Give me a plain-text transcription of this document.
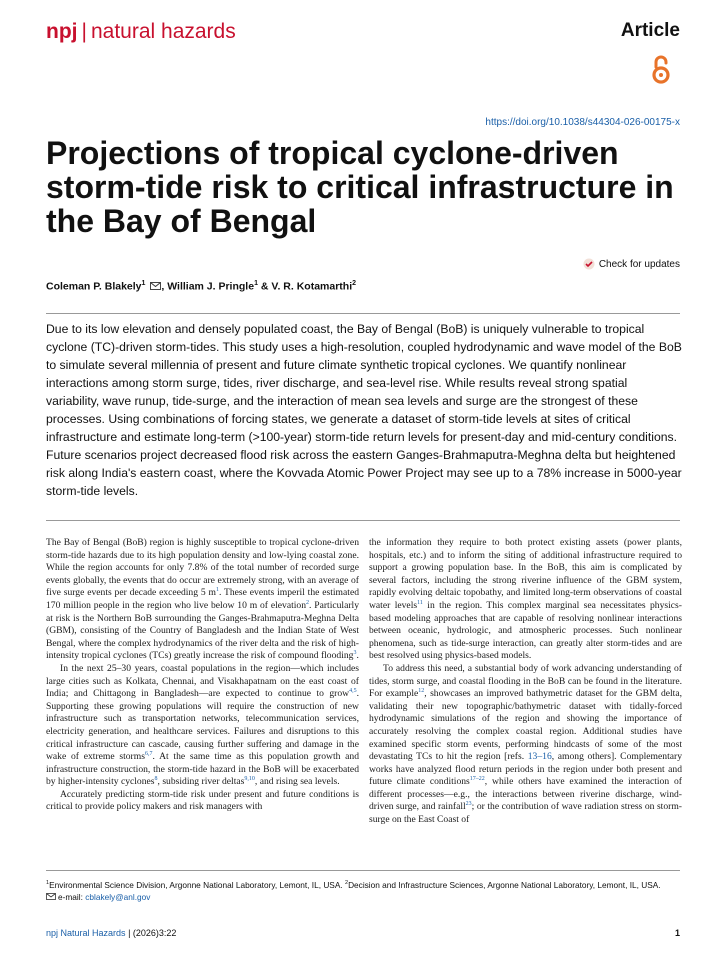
npj | natural hazards	Article
https://doi.org/10.1038/s44304-026-00175-x
Projections of tropical cyclone-driven storm-tide risk to critical infrastructure in the Bay of Bengal
Check for updates
Coleman P. Blakely$^1$ , William J. Pringle$^1$ & V. R. Kotamarthi$^2$

Due to its low elevation and densely populated coast, the Bay of Bengal (BoB) is uniquely vulnerable to tropical cyclone (TC)-driven storm-tides. This study uses a high-resolution, coupled hydrodynamic and wave model of the BoB to simulate several millennia of present and future climate synthetic tropical cyclones. We quantify nonlinear interactions among storm surge, tides, river discharge, and sea-level rise. While results reveal strong spatial variability, wave runup, tide-surge, and the interaction of mean sea levels and surge are the strongest of these processes. Using combinations of forcing states, we generate a dataset of storm-tide levels at sites of critical infrastructure and estimate long-term (>100-year) storm-tide return levels for present-day and mid-century conditions. Future scenarios project decreased flood risk across the eastern Ganges-Brahmaputra-Meghna delta but heightened risk along India's eastern coast, where the Kovvada Atomic Power Project may see up to a 78% increase in 5000-year storm-tide levels.

The Bay of Bengal (BoB) region is highly susceptible to tropical cyclone-driven storm-tide hazards due to its high population density and low-lying coastal zone. While the region accounts for only 7.8% of the total number of recorded surge events globally, the events that do occur are extremely strong, with an average of five surge events per decade exceeding 5 $m^1$. These events imperil the estimated 170 million people in the region who live below 10 m of elevation$^2$. Particularly at risk is the Northern BoB surrounding the Ganges-Brahmaputra-Meghna Delta (GBM), consisting of the Country of Bangladesh and the Indian State of West Bengal, where the complex hydrodynamics of the river delta and the risk of high-intensity tropical cyclones (TCs) greatly increase the risk of compound flooding$^3$.

In the next 25–30 years, coastal populations in the region—which includes large cities such as Kolkata, Chennai, and Visakhapatnam on the east coast of India; and Chittagong in Bangladesh—are expected to continue to grow$^{4,5}$. Supporting these growing populations will require the construction of new infrastructure such as transportation networks, telecommunication services, electricity generation, and healthcare services. Failures and disruptions to this critical infrastructure can cascade, causing further suffering and damage in the wake of extreme storms$^{6,7}$. At the same time as this population growth and infrastructure construction, the storm-tide hazard in the BoB will be exacerbated by higher-intensity cyclones$^8$, subsiding river deltas$^{9,10}$, and rising sea levels.

Accurately predicting storm-tide risk under present and future conditions is critical to provide policy makers and risk managers with

the information they require to both protect existing assets (power plants, hospitals, etc.) and to inform the siting of additional infrastructure required to support a growing population base. In the BoB, this aim is complicated by several factors, including the strong riverine influence of the GBM system, rapidly evolving deltaic topobathy, and limited long-term observations of coastal water levels$^{11}$ in the region. This complex marginal sea necessitates physics-based modeling approaches that are capable of resolving nonlinear interactions between oceanic, hydrologic, and atmospheric processes. Such nonlinear phenomena, such as tide-surge interaction, can greatly alter storm-tides and are best resolved using physics-based models.

To address this need, a substantial body of work advancing understanding of tides, storm surge, and coastal flooding in the BoB can be found in the literature. For example$^{12}$, showcases an improved bathymetric dataset for the GBM delta, validating their new topographic/bathymetric dataset with tidally-forced hydrodynamic simulations of the region and showing the importance of accurately resolving the complex coastal region. Additional studies have examined specific storm events, performing hindcasts of some of the most devastating TCs to hit the region [refs. 13–16, among others]. Complementary works have analyzed flood return periods in the region under both present and future climate conditions$^{17-22}$, while others have examined the interaction of different processes—e.g., the interactions between riverine discharge, wind-driven surge, and rainfall$^{23}$; or the contribution of wave radiation stress on storm-surge on the East Coast of

$^1$Environmental Science Division, Argonne National Laboratory, Lemont, IL, USA. $^2$Decision and Infrastructure Sciences, Argonne National Laboratory, Lemont, IL, USA.
e-mail: cblakely@anl.gov
npj Natural Hazards | (2026)3:22	1
